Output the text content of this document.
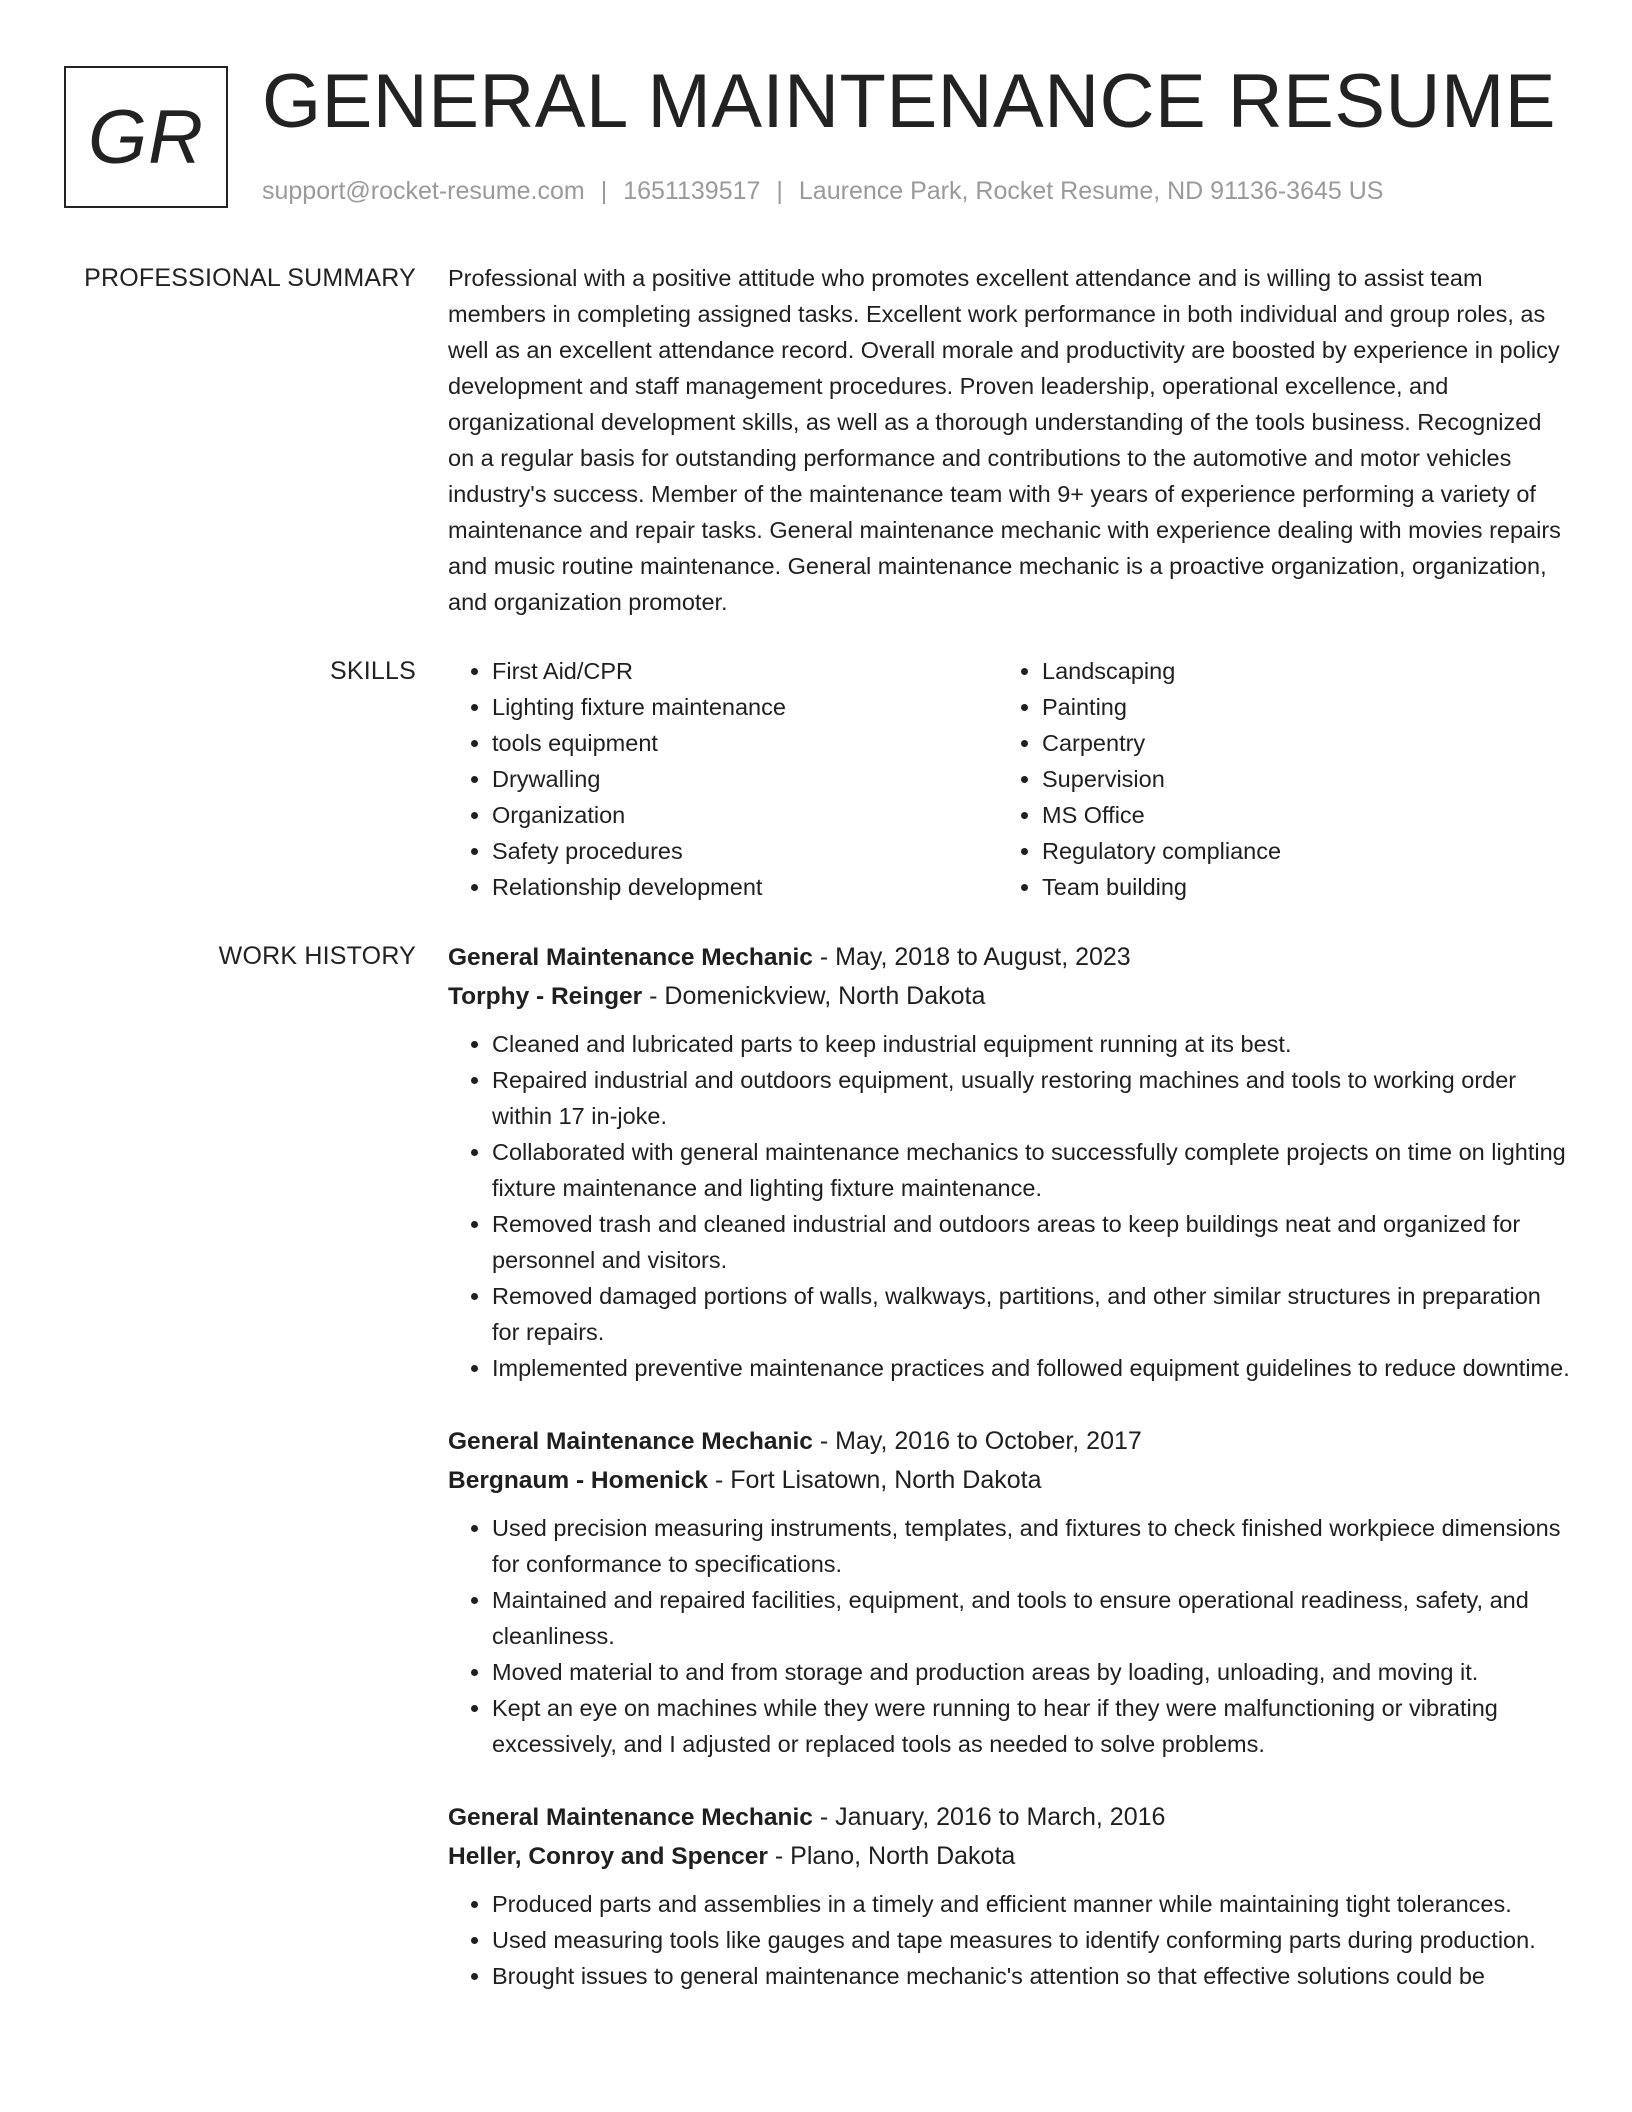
GR GENERAL MAINTENANCE RESUME
support@rocket-resume.com | 1651139517 | Laurence Park, Rocket Resume, ND 91136-3645 US
PROFESSIONAL SUMMARY Professional with a positive attitude who promotes excellent attendance and is willing to assist team members in completing assigned tasks. Excellent work performance in both individual and group roles, as well as an excellent attendance record. Overall morale and productivity are boosted by experience in policy development and staff management procedures. Proven leadership, operational excellence, and organizational development skills, as well as a thorough understanding of the tools business. Recognized on a regular basis for outstanding performance and contributions to the automotive and motor vehicles industry's success. Member of the maintenance team with 9+ years of experience performing a variety of maintenance and repair tasks. General maintenance mechanic with experience dealing with movies repairs and music routine maintenance. General maintenance mechanic is a proactive organization, organization, and organization promoter.

SKILLS
•	First Aid/CPR
• Lighting fixture maintenance
• tools equipment
• Drywalling
• Organization
• Safety procedures
• Relationship development
• Landscaping
• Painting
• Carpentry
• Supervision
• MS Office
• Regulatory compliance
• Team building
WORK HISTORY General Maintenance Mechanic - May, 2018 to August, 2023
Torphy - Reinger - Domenickview, North Dakota
• Cleaned and lubricated parts to keep industrial equipment running at its best.
• Repaired industrial and outdoors equipment, usually restoring machines and tools to working order within 17 in-joke.
• Collaborated with general maintenance mechanics to successfully complete projects on time on lighting fixture maintenance and lighting fixture maintenance.
• Removed trash and cleaned industrial and outdoors areas to keep buildings neat and organized for personnel and visitors.
• Removed damaged portions of walls, walkways, partitions, and other similar structures in preparation for repairs.
• Implemented preventive maintenance practices and followed equipment guidelines to reduce downtime.
General Maintenance Mechanic - May, 2016 to October, 2017
Bergnaum - Homenick - Fort Lisatown, North Dakota
• Used precision measuring instruments, templates, and fixtures to check finished workpiece dimensions for conformance to specifications.
• Maintained and repaired facilities, equipment, and tools to ensure operational readiness, safety, and cleanliness.
• Moved material to and from storage and production areas by loading, unloading, and moving it.
• Kept an eye on machines while they were running to hear if they were malfunctioning or vibrating excessively, and I adjusted or replaced tools as needed to solve problems.
General Maintenance Mechanic - January, 2016 to March, 2016
Heller, Conroy and Spencer - Plano, North Dakota
• Produced parts and assemblies in a timely and efficient manner while maintaining tight tolerances.
• Used measuring tools like gauges and tape measures to identify conforming parts during production.
• Brought issues to general maintenance mechanic's attention so that effective solutions could be
